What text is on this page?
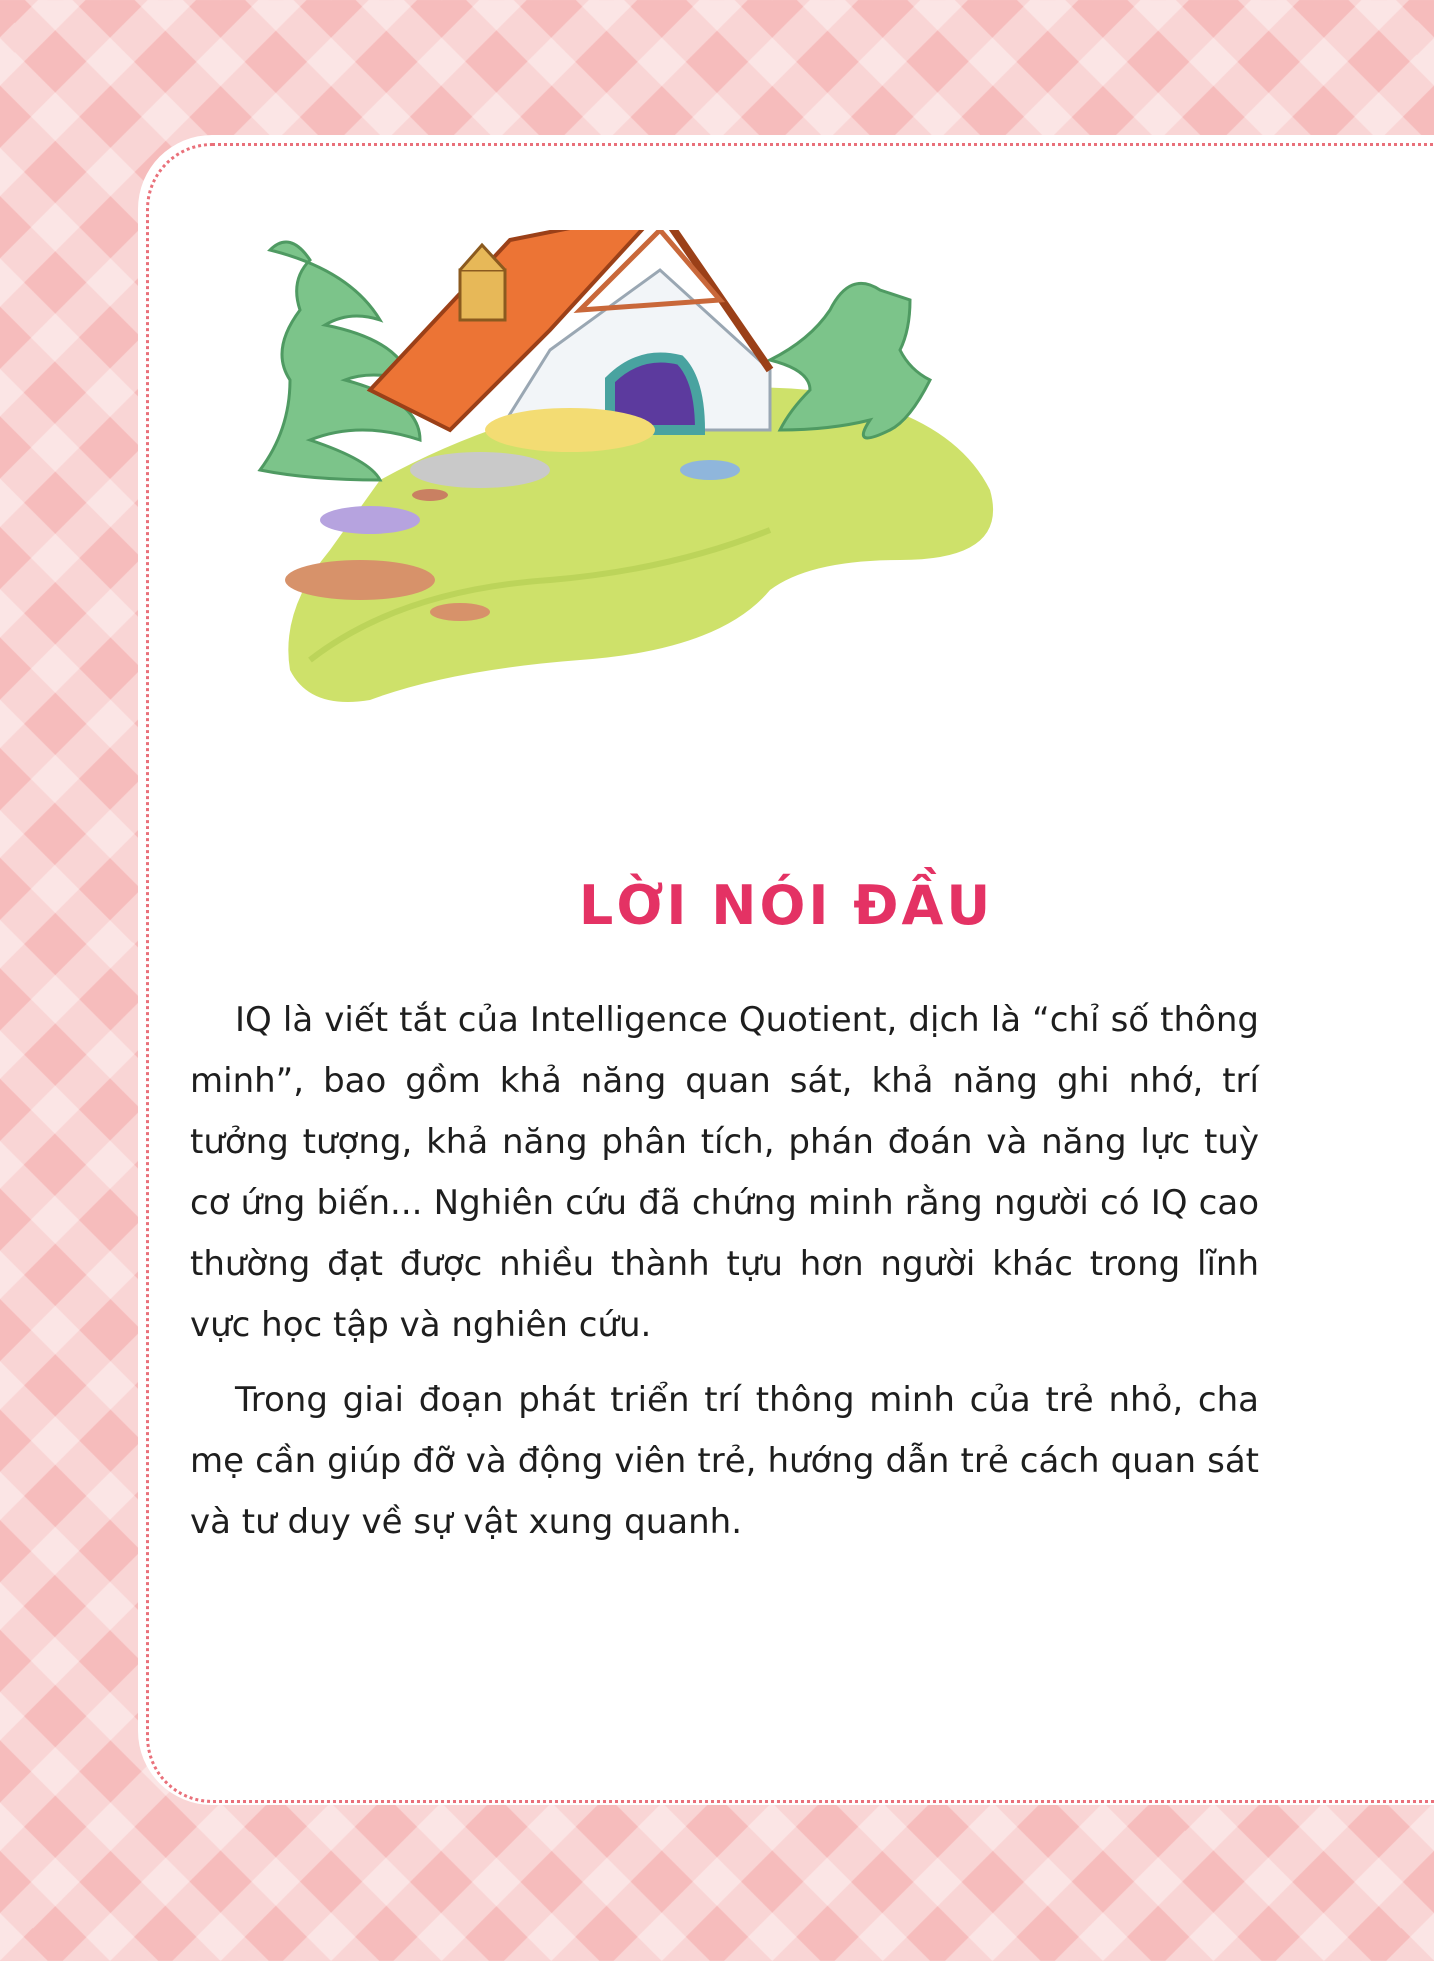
LỜI NÓI ĐẦU

IQ là viết tắt của Intelligence Quotient, dịch là “chỉ số thông minh”, bao gồm khả năng quan sát, khả năng ghi nhớ, trí tưởng tượng, khả năng phân tích, phán đoán và năng lực tuỳ cơ ứng biến... Nghiên cứu đã chứng minh rằng người có IQ cao thường đạt được nhiều thành tựu hơn người khác trong lĩnh vực học tập và nghiên cứu.

Trong giai đoạn phát triển trí thông minh của trẻ nhỏ, cha mẹ cần giúp đỡ và động viên trẻ, hướng dẫn trẻ cách quan sát và tư duy về sự vật xung quanh.
